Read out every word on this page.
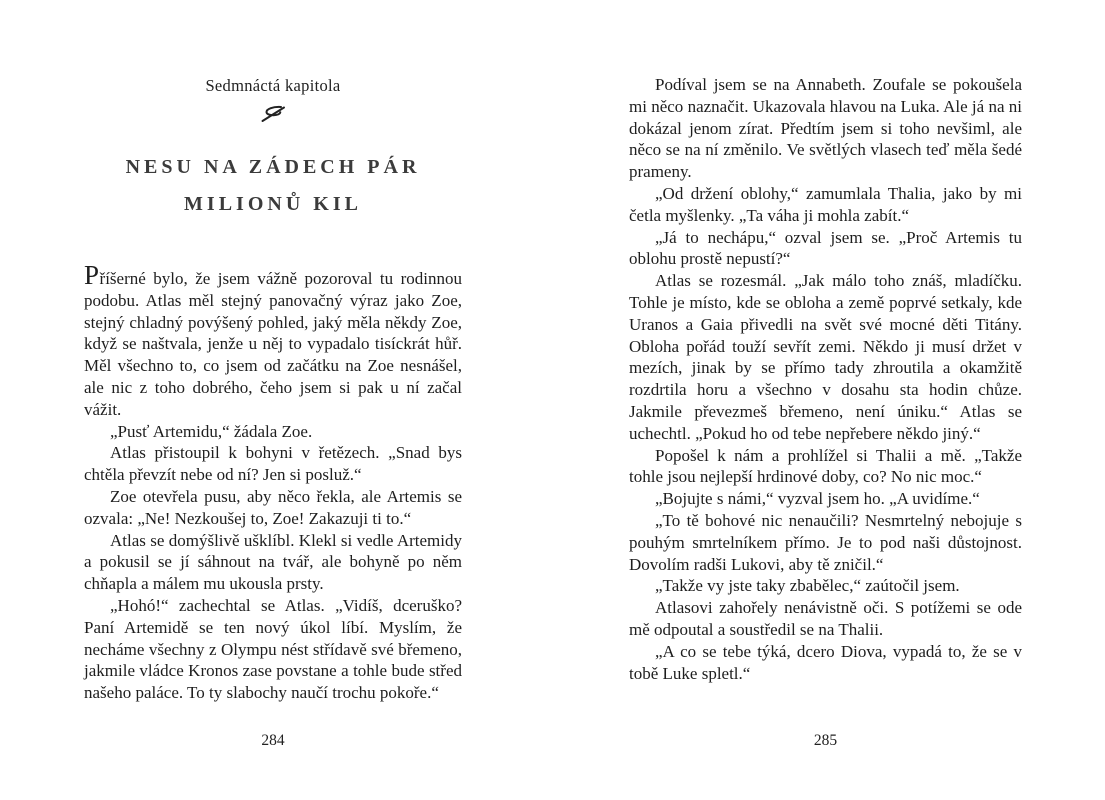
Sedmnáctá kapitola
NESU NA ZÁDECH PÁR
MILIONŮ KIL

Příšerné bylo, že jsem vážně pozoroval tu rodinnou podobu. Atlas měl stejný panovačný výraz jako Zoe, stejný chladný povýšený pohled, jaký měla někdy Zoe, když se naštvala, jenže u něj to vypadalo tisíckrát hůř. Měl všechno to, co jsem od začátku na Zoe nesnášel, ale nic z toho dobrého, čeho jsem si pak u ní začal vážit.

„Pusť Artemidu,“ žádala Zoe.

Atlas přistoupil k bohyni v řetězech. „Snad bys chtěla převzít nebe od ní? Jen si posluž.“

Zoe otevřela pusu, aby něco řekla, ale Artemis se ozvala: „Ne! Nezkoušej to, Zoe! Zakazuji ti to.“

Atlas se domýšlivě ušklíbl. Klekl si vedle Artemidy a pokusil se jí sáhnout na tvář, ale bohyně po něm chňapla a málem mu ukousla prsty.

„Hohó!“ zachechtal se Atlas. „Vidíš, dceruško? Paní Artemidě se ten nový úkol líbí. Myslím, že necháme všechny z Olympu nést střídavě své břemeno, jakmile vládce Kronos zase povstane a tohle bude střed našeho paláce. To ty slabochy naučí trochu pokoře.“

284

Podíval jsem se na Annabeth. Zoufale se pokoušela mi něco naznačit. Ukazovala hlavou na Luka. Ale já na ni dokázal jenom zírat. Předtím jsem si toho nevšiml, ale něco se na ní změnilo. Ve světlých vlasech teď měla šedé prameny.

„Od držení oblohy,“ zamumlala Thalia, jako by mi četla myšlenky. „Ta váha ji mohla zabít.“

„Já to nechápu,“ ozval jsem se. „Proč Artemis tu oblohu prostě nepustí?“

Atlas se rozesmál. „Jak málo toho znáš, mladíčku. Tohle je místo, kde se obloha a země poprvé setkaly, kde Uranos a Gaia přivedli na svět své mocné děti Titány. Obloha pořád touží sevřít zemi. Někdo ji musí držet v mezích, jinak by se přímo tady zhroutila a okamžitě rozdrtila horu a všechno v dosahu sta hodin chůze. Jakmile převezmeš břemeno, není úniku.“ Atlas se uchechtl. „Pokud ho od tebe nepřebere někdo jiný.“

Popošel k nám a prohlížel si Thalii a mě. „Takže tohle jsou nejlepší hrdinové doby, co? No nic moc.“

„Bojujte s námi,“ vyzval jsem ho. „A uvidíme.“

„To tě bohové nic nenaučili? Nesmrtelný nebojuje s pouhým smrtelníkem přímo. Je to pod naši důstojnost. Dovolím radši Lukovi, aby tě zničil.“

„Takže vy jste taky zbabělec,“ zaútočil jsem.

Atlasovi zahořely nenávistně oči. S potížemi se ode mě odpoutal a soustředil se na Thalii.

„A co se tebe týká, dcero Diova, vypadá to, že se v tobě Luke spletl.“

285
